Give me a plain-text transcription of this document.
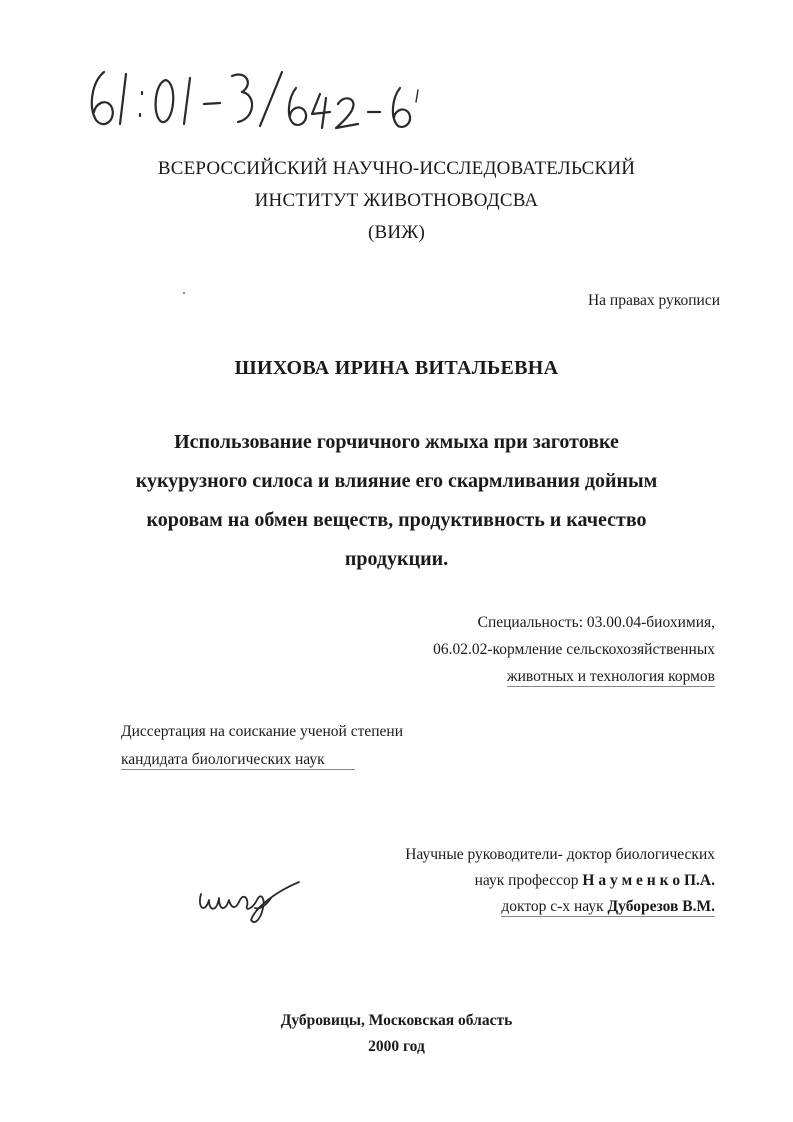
ВСЕРОССИЙСКИЙ НАУЧНО-ИССЛЕДОВАТЕЛЬСКИЙ
ИНСТИТУТ ЖИВОТНОВОДСВА
(ВИЖ)
На правах рукописи
ШИХОВА ИРИНА ВИТАЛЬЕВНА
Использование горчичного жмыха при заготовке
кукурузного силоса и влияние его скармливания дойным
коровам на обмен веществ, продуктивность и качество
продукции.
Специальность: 03.00.04-биохимия,
06.02.02-кормление сельскохозяйственных
животных и технология кормов
Диссертация на соискание ученой степени
кандидата биологических наук
Научные руководители- доктор биологических
наук профессор Н а у м е н к о П.А.
доктор с-х наук Дуборезов В.М.
Дубровицы, Московская область
2000 год
